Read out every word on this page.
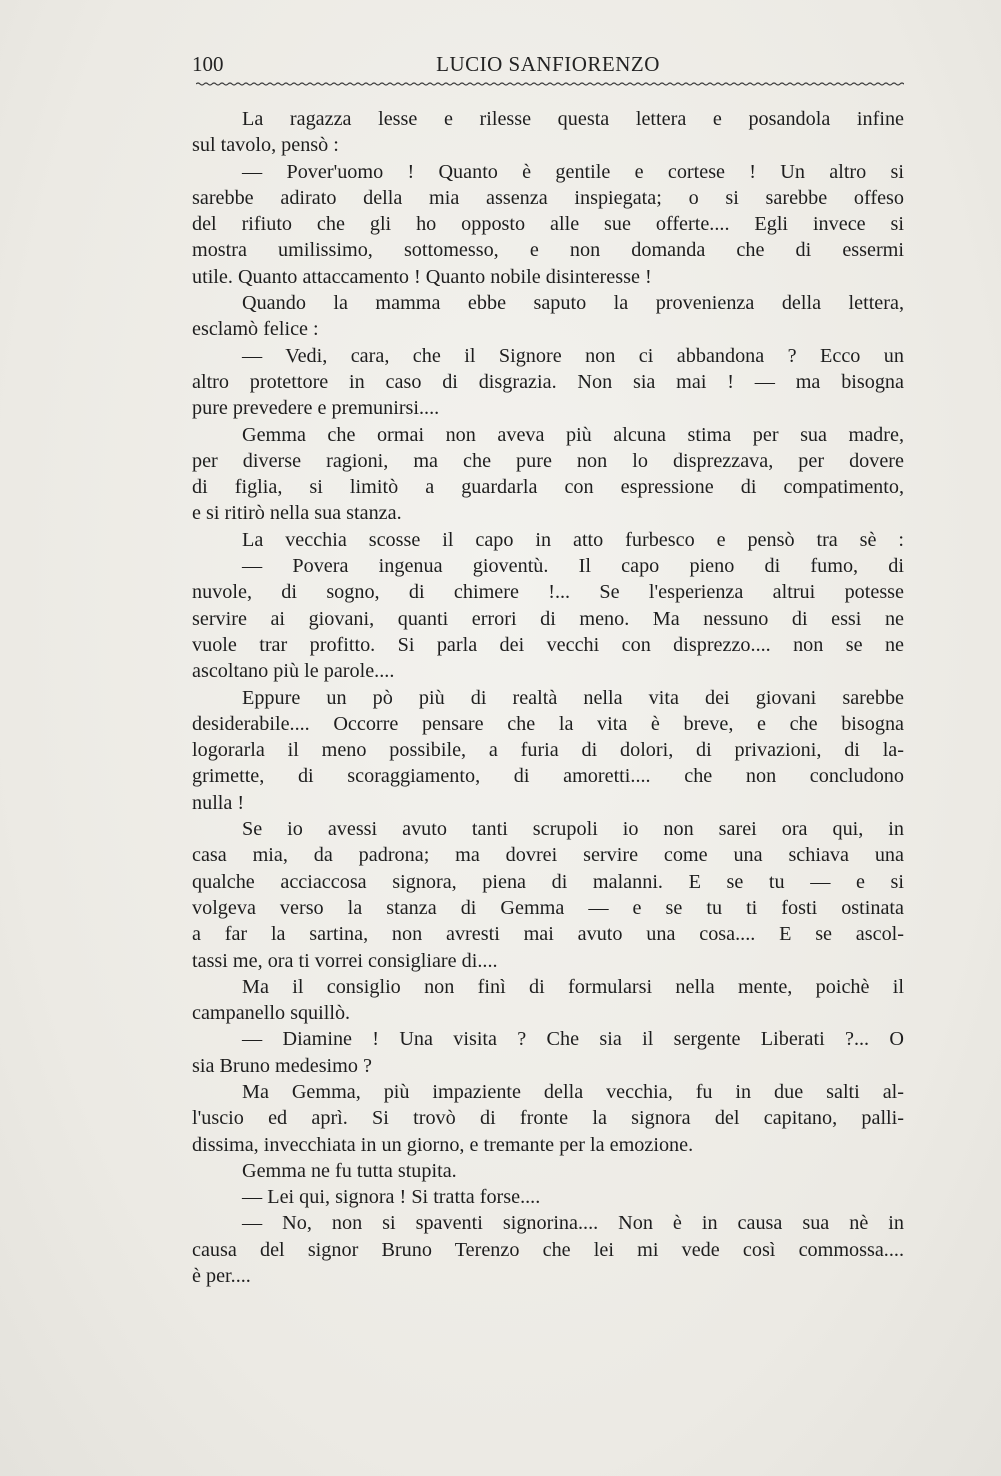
100	LUCIO SANFIORENZO
La ragazza lesse e rilesse questa lettera e posandola infine
sul tavolo, pensò :
— Pover'uomo ! Quanto è gentile e cortese ! Un altro si
sarebbe adirato della mia assenza inspiegata; o si sarebbe offeso
del rifiuto che gli ho opposto alle sue offerte.... Egli invece si
mostra umilissimo, sottomesso, e non domanda che di essermi
utile. Quanto attaccamento ! Quanto nobile disinteresse !
Quando la mamma ebbe saputo la provenienza della lettera,
esclamò felice :
— Vedi, cara, che il Signore non ci abbandona ? Ecco un
altro protettore in caso di disgrazia. Non sia mai ! — ma bisogna
pure prevedere e premunirsi....
Gemma che ormai non aveva più alcuna stima per sua madre,
per diverse ragioni, ma che pure non lo disprezzava, per dovere
di figlia, si limitò a guardarla con espressione di compatimento,
e si ritirò nella sua stanza.
La vecchia scosse il capo in atto furbesco e pensò tra sè :
— Povera ingenua gioventù. Il capo pieno di fumo, di
nuvole, di sogno, di chimere !... Se l'esperienza altrui potesse
servire ai giovani, quanti errori di meno. Ma nessuno di essi ne
vuole trar profitto. Si parla dei vecchi con disprezzo.... non se ne
ascoltano più le parole....
Eppure un pò più di realtà nella vita dei giovani sarebbe
desiderabile.... Occorre pensare che la vita è breve, e che bisogna
logorarla il meno possibile, a furia di dolori, di privazioni, di la-
grimette, di scoraggiamento, di amoretti.... che non concludono
nulla !
Se io avessi avuto tanti scrupoli io non sarei ora qui, in
casa mia, da padrona; ma dovrei servire come una schiava una
qualche acciaccosa signora, piena di malanni. E se tu — e si
volgeva verso la stanza di Gemma — e se tu ti fosti ostinata
a far la sartina, non avresti mai avuto una cosa.... E se ascol-
tassi me, ora ti vorrei consigliare di....
Ma il consiglio non finì di formularsi nella mente, poichè il
campanello squillò.
— Diamine ! Una visita ? Che sia il sergente Liberati ?... O
sia Bruno medesimo ?
Ma Gemma, più impaziente della vecchia, fu in due salti al-
l'uscio ed aprì. Si trovò di fronte la signora del capitano, palli-
dissima, invecchiata in un giorno, e tremante per la emozione.
Gemma ne fu tutta stupita.
— Lei qui, signora ! Si tratta forse....
— No, non si spaventi signorina.... Non è in causa sua nè in
causa del signor Bruno Terenzo che lei mi vede così commossa....
è per....
